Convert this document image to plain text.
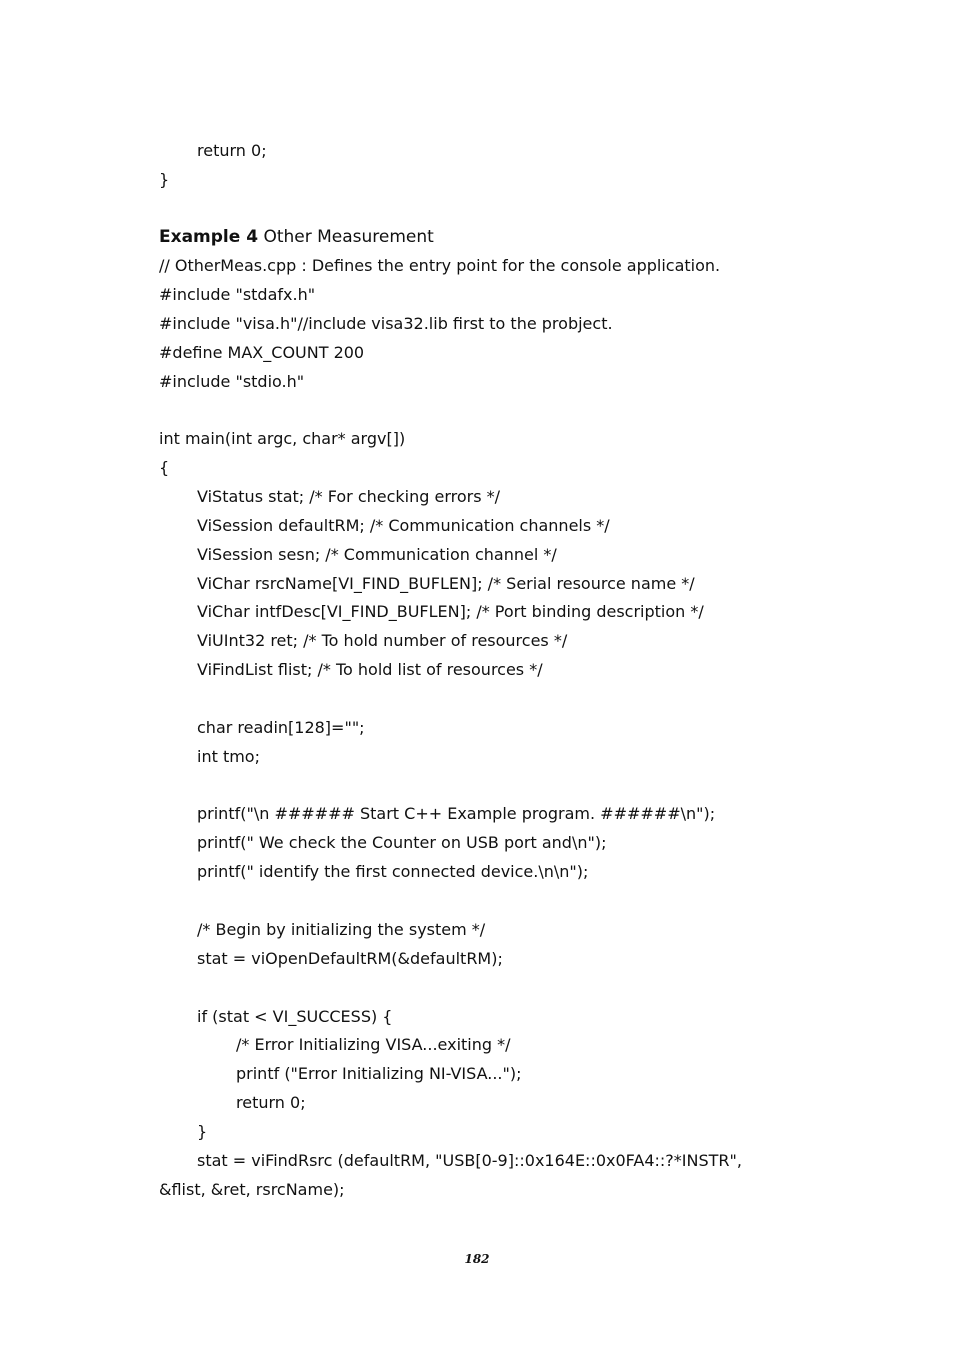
return 0;
}
Example 4 Other Measurement
// OtherMeas.cpp : Defines the entry point for the console application.
#include "stdafx.h"
#include "visa.h"//include visa32.lib first to the probject.
#define MAX_COUNT 200
#include "stdio.h"
int main(int argc, char* argv[])
{
ViStatus stat; /* For checking errors */
ViSession defaultRM; /* Communication channels */
ViSession sesn; /* Communication channel */
ViChar rsrcName[VI_FIND_BUFLEN]; /* Serial resource name */
ViChar intfDesc[VI_FIND_BUFLEN]; /* Port binding description */
ViUInt32 ret; /* To hold number of resources */
ViFindList flist; /* To hold list of resources */
char readin[128]="";
int tmo;
printf("\n ###### Start C++ Example program. ######\n");
printf(" We check the Counter on USB port and\n");
printf(" identify the first connected device.\n\n");
/* Begin by initializing the system */
stat = viOpenDefaultRM(&defaultRM);
if (stat < VI_SUCCESS) {
/* Error Initializing VISA...exiting */
printf ("Error Initializing NI-VISA...");
return 0;
}
stat = viFindRsrc (defaultRM, "USB[0-9]::0x164E::0x0FA4::?*INSTR",
&flist, &ret, rsrcName);
182
